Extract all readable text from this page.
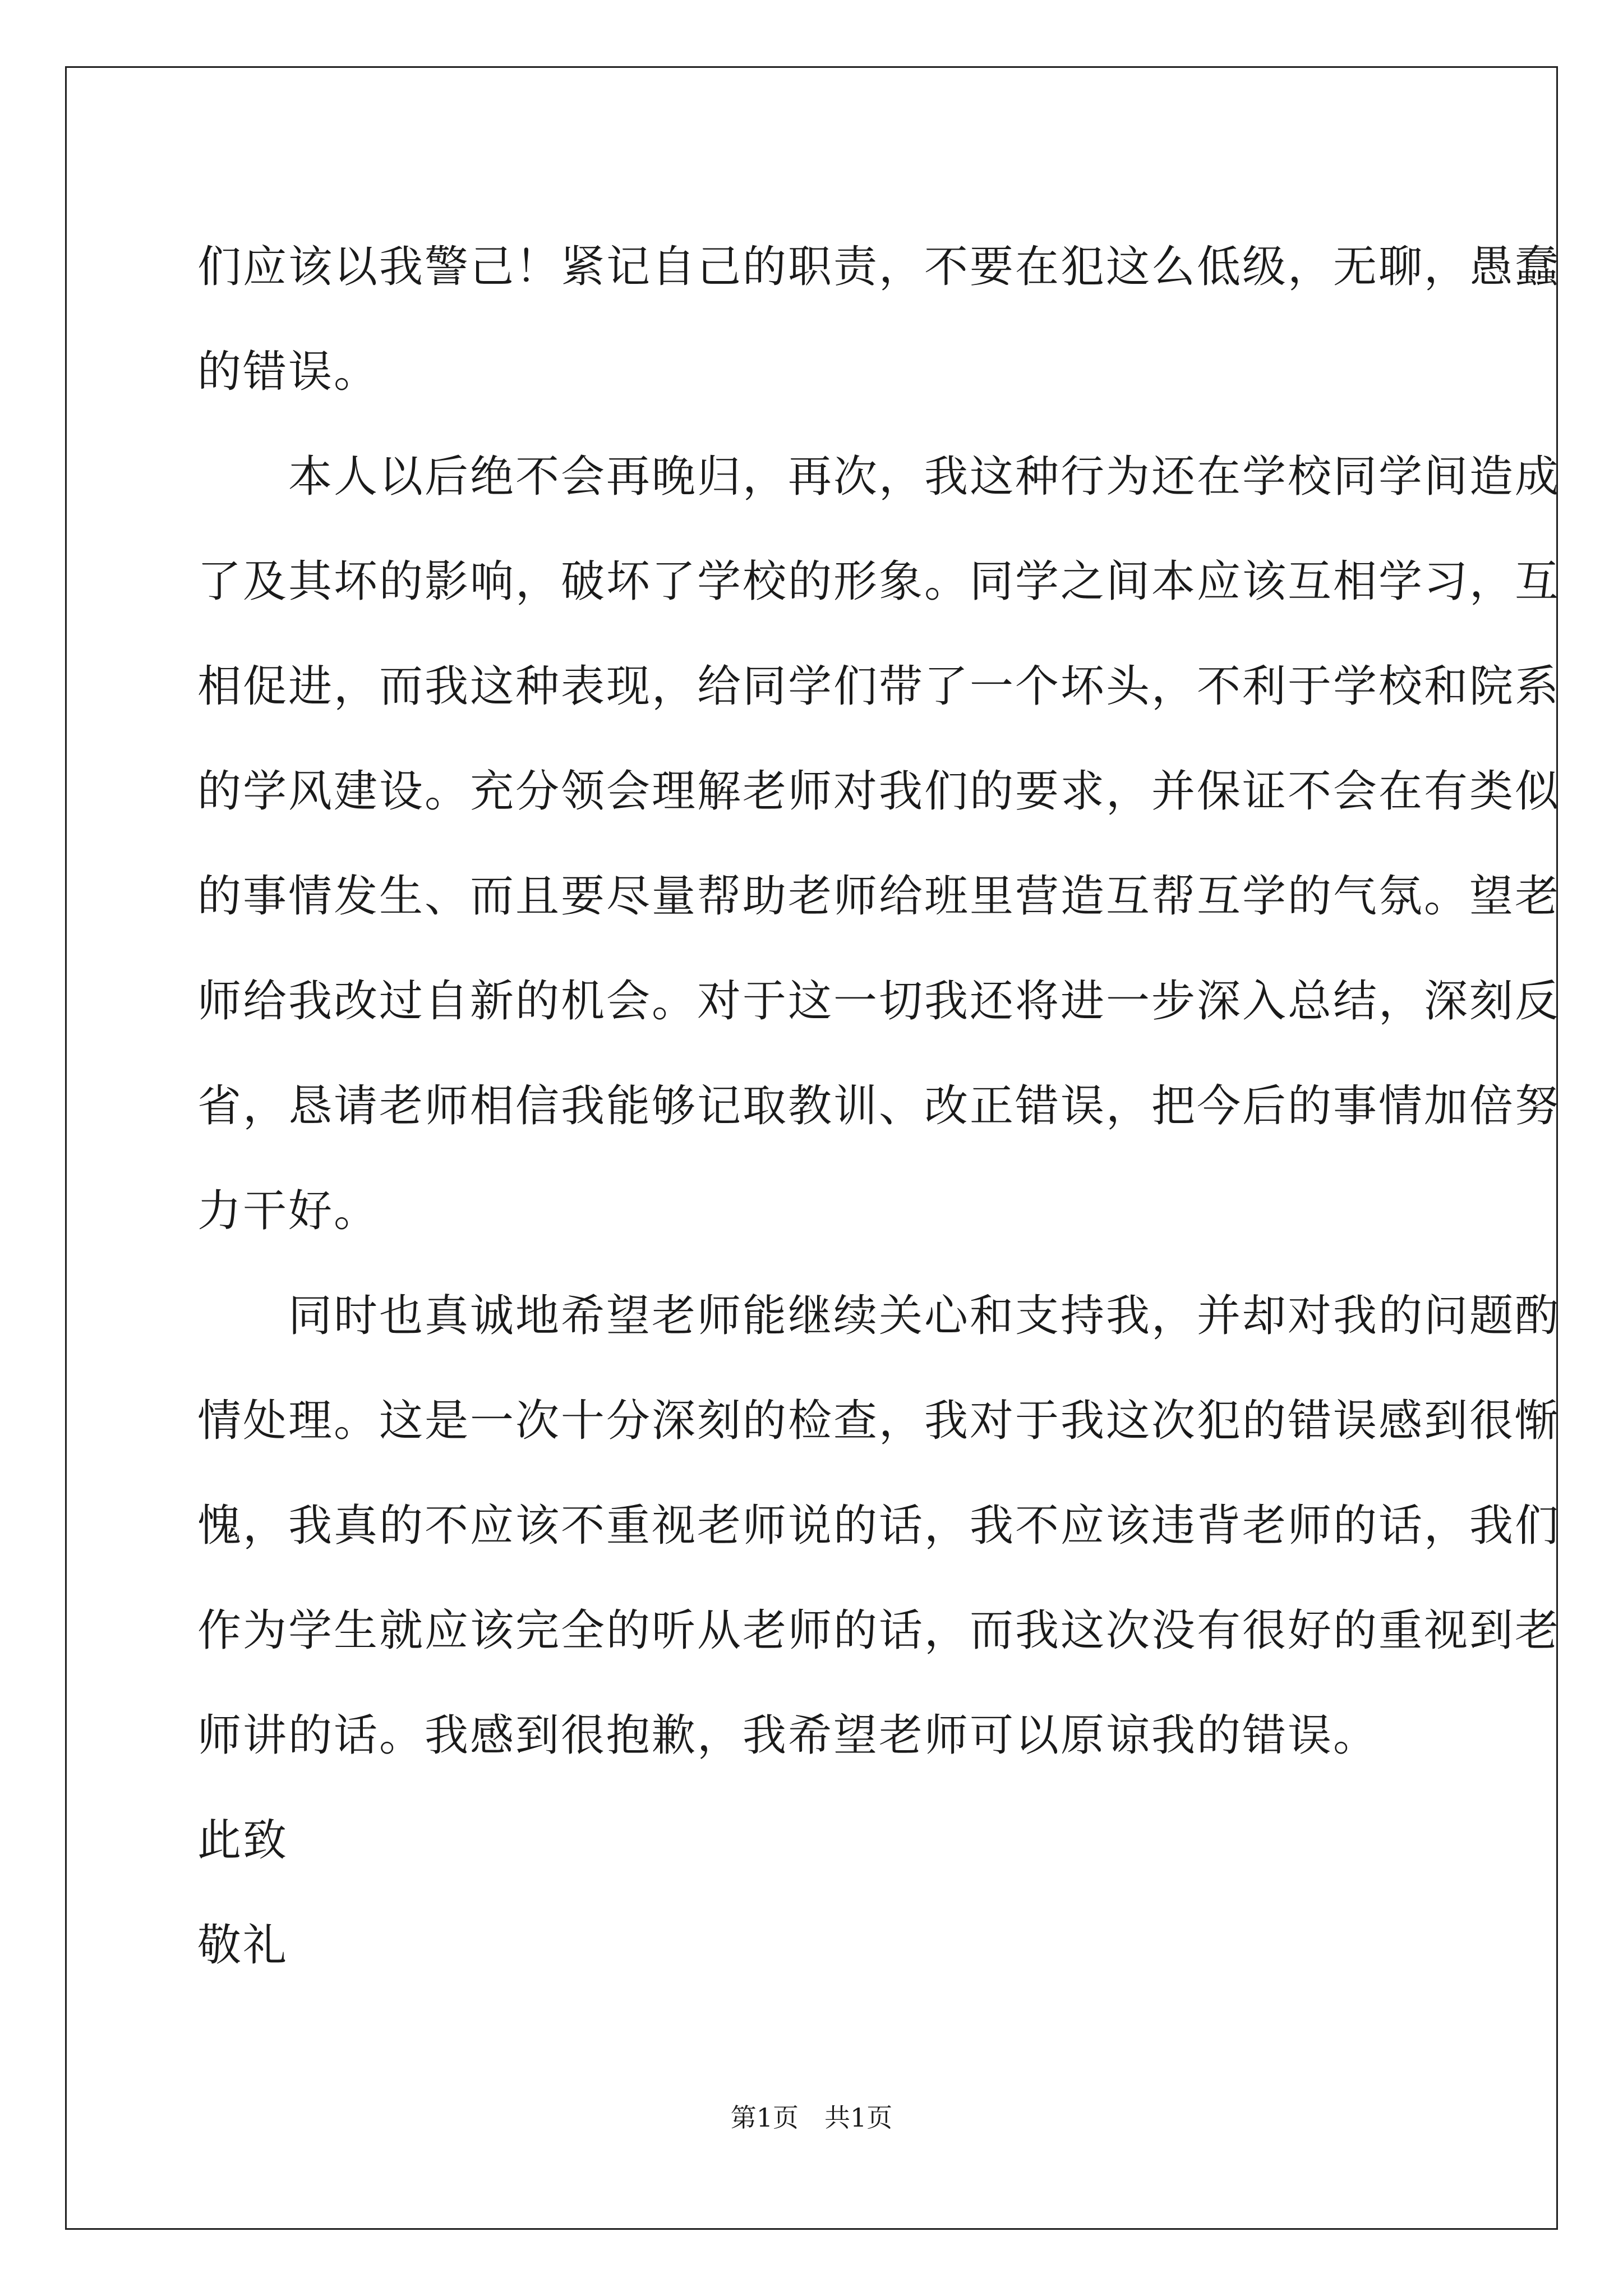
们应该以我警己！紧记自己的职责，不要在犯这么低级，无聊，愚蠢
的错误。
　　本人以后绝不会再晚归，再次，我这种行为还在学校同学间造成
了及其坏的影响，破坏了学校的形象。同学之间本应该互相学习，互
相促进，而我这种表现，给同学们带了一个坏头，不利于学校和院系
的学风建设。充分领会理解老师对我们的要求，并保证不会在有类似
的事情发生、而且要尽量帮助老师给班里营造互帮互学的气氛。望老
师给我改过自新的机会。对于这一切我还将进一步深入总结，深刻反
省，恳请老师相信我能够记取教训、改正错误，把今后的事情加倍努
力干好。
　　同时也真诚地希望老师能继续关心和支持我，并却对我的问题酌
情处理。这是一次十分深刻的检查，我对于我这次犯的错误感到很惭
愧，我真的不应该不重视老师说的话，我不应该违背老师的话，我们
作为学生就应该完全的听从老师的话，而我这次没有很好的重视到老
师讲的话。我感到很抱歉，我希望老师可以原谅我的错误。
此致
敬礼
第1页　共1页
